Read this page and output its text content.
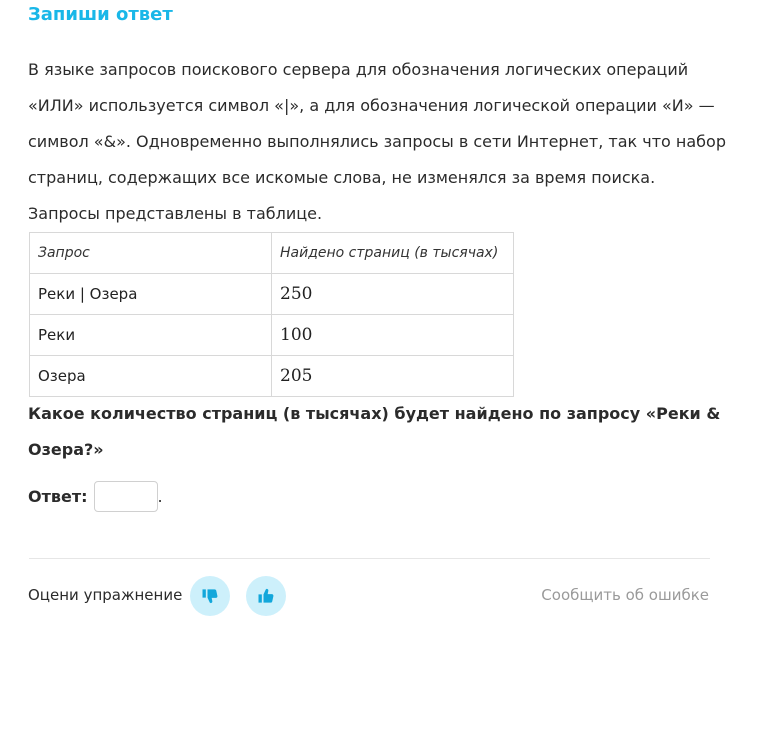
Запиши ответ
В языке запросов поискового сервера для обозначения логических операций «ИЛИ» используется символ «|», а для обозначения логической операции «И» — символ «&». Одновременно выполнялись запросы в сети Интернет, так что набор страниц, содержащих все искомые слова, не изменялся за время поиска. Запросы представлены в таблице.
Запрос	Найдено страниц (в тысячах)
Реки | Озера	250
Реки	100
Озера	205
Какое количество страниц (в тысячах) будет найдено по запросу «Реки & Озера?»
Ответ:	.
Оцени упражнение	Сообщить об ошибке
